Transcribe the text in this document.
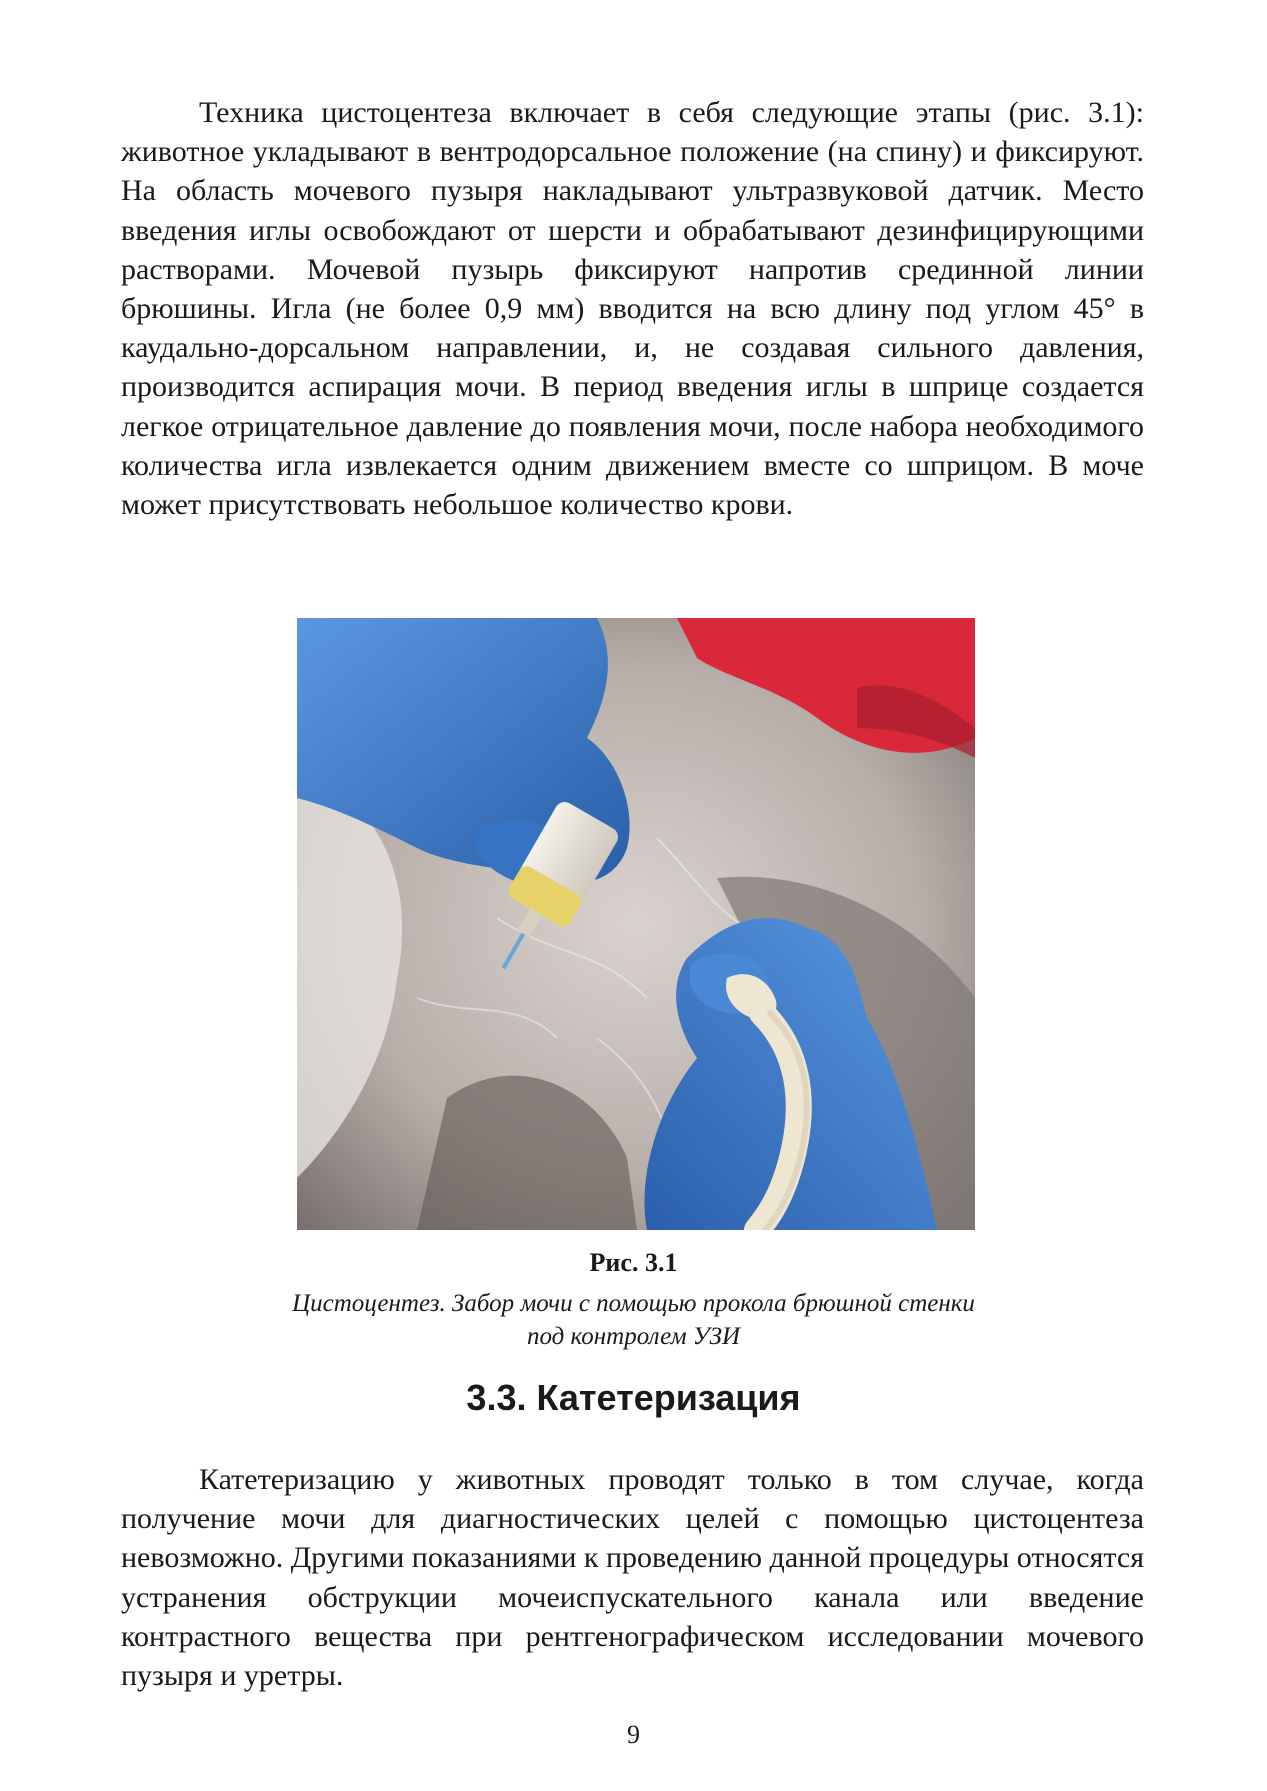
Техника цистоцентеза включает в себя следующие этапы (рис. 3.1): животное укладывают в вентродорсальное положение (на спину) и фиксируют. На область мочевого пузыря накладывают ультразвуковой датчик. Место введения иглы освобождают от шерсти и обрабатывают дезинфицирующими растворами. Мочевой пузырь фиксируют напротив срединной линии брюшины. Игла (не более 0,9 мм) вводится на всю длину под углом 45° в каудально-дорсальном направлении, и, не создавая сильного давления, производится аспирация мочи. В период введения иглы в шприце создается легкое отрицательное давление до появления мочи, после набора необходимого количества игла извлекается одним движением вместе со шприцом. В моче может присутствовать небольшое количество крови.

Рис. 3.1

Цистоцентез. Забор мочи с помощью прокола брюшной стенки
под контролем УЗИ

3.3. Катетеризация

Катетеризацию у животных проводят только в том случае, когда получение мочи для диагностических целей с помощью цистоцентеза невозможно. Другими показаниями к проведению данной процедуры относятся устранения обструкции мочеиспускательного канала или введение контрастного вещества при рентгенографическом исследовании мочевого пузыря и уретры.

9
